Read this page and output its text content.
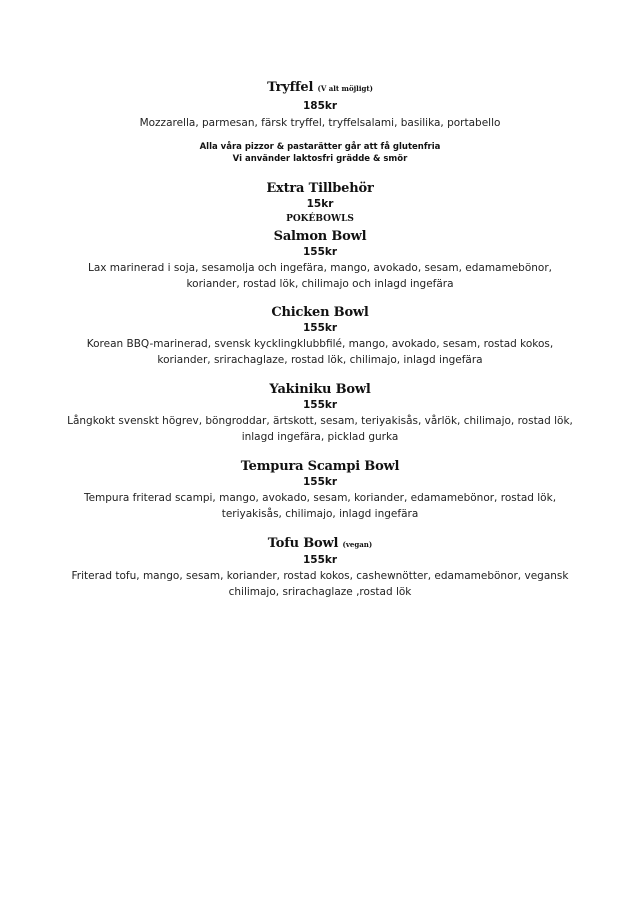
Tryffel (V alt möjligt)
185kr
Mozzarella, parmesan, färsk tryffel, tryffelsalami, basilika, portabello
Alla våra pizzor & pastarätter går att få glutenfria
Vi använder laktosfri grädde & smör
Extra Tillbehör
15kr
POKÉBOWLS
Salmon Bowl
155kr
Lax marinerad i soja, sesamolja och ingefära, mango, avokado, sesam, edamamebönor,
koriander, rostad lök, chilimajo och inlagd ingefära
Chicken Bowl
155kr
Korean BBQ-marinerad, svensk kycklingklubbfilé, mango, avokado, sesam, rostad kokos,
koriander, srirachaglaze, rostad lök, chilimajo, inlagd ingefära
Yakiniku Bowl
155kr
Långkokt svenskt högrev, böngroddar, ärtskott, sesam, teriyakisås, vårlök, chilimajo, rostad lök,
inlagd ingefära, picklad gurka
Tempura Scampi Bowl
155kr
Tempura friterad scampi, mango, avokado, sesam, koriander, edamamebönor, rostad lök,
teriyakisås, chilimajo, inlagd ingefära
Tofu Bowl (vegan)
155kr
Friterad tofu, mango, sesam, koriander, rostad kokos, cashewnötter, edamamebönor, vegansk
chilimajo, srirachaglaze ,rostad lök
